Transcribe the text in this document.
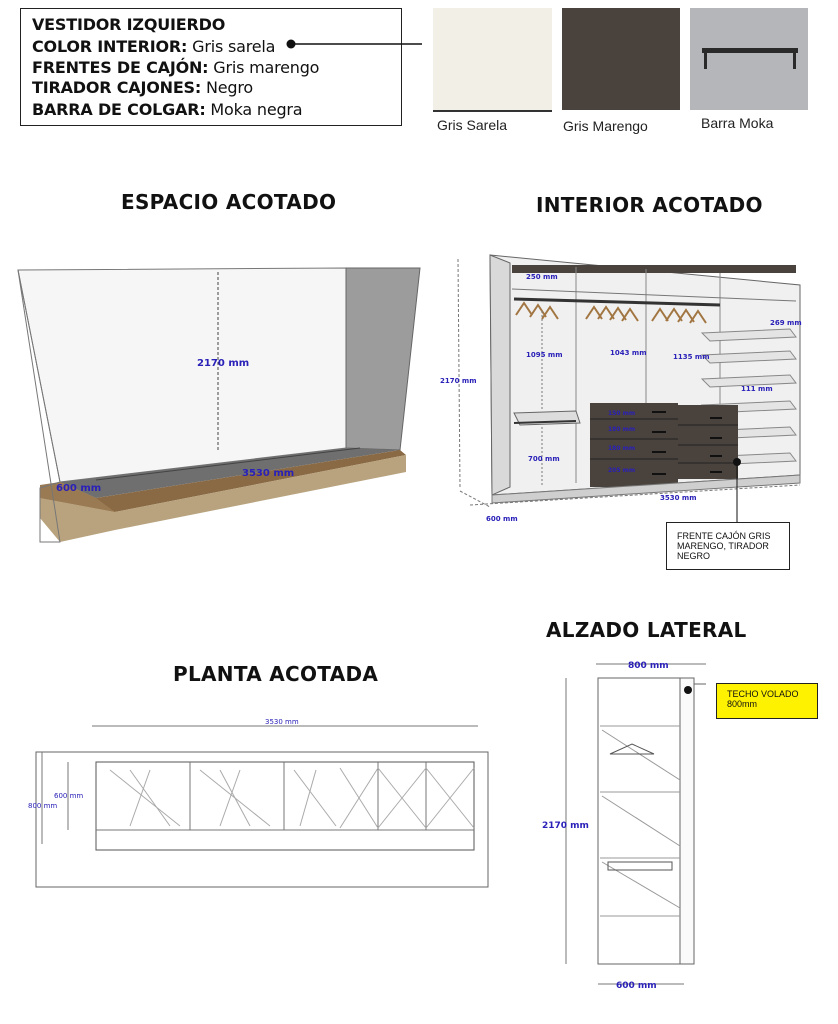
VESTIDOR IZQUIERDO
COLOR INTERIOR: Gris sarela
FRENTES DE CAJÓN: Gris marengo
TIRADOR CAJONES: Negro
BARRA DE COLGAR: Moka negra
Gris Sarela	Gris Marengo	Barra Moka
ESPACIO ACOTADO	INTERIOR ACOTADO
PLANTA ACOTADA
ALZADO LATERAL
2170 mm
3530 mm
600 mm
250 mm
269 mm
1095 mm	1043 mm	1135 mm
111 mm
700 mm
150 mm
180 mm
180 mm
205 mm
2170 mm
3530 mm
600 mm
FRENTE CAJÓN GRIS MARENGO, TIRADOR NEGRO
3530 mm
600 mm
800 mm
800 mm
2170 mm
600 mm
TECHO VOLADO 800mm
